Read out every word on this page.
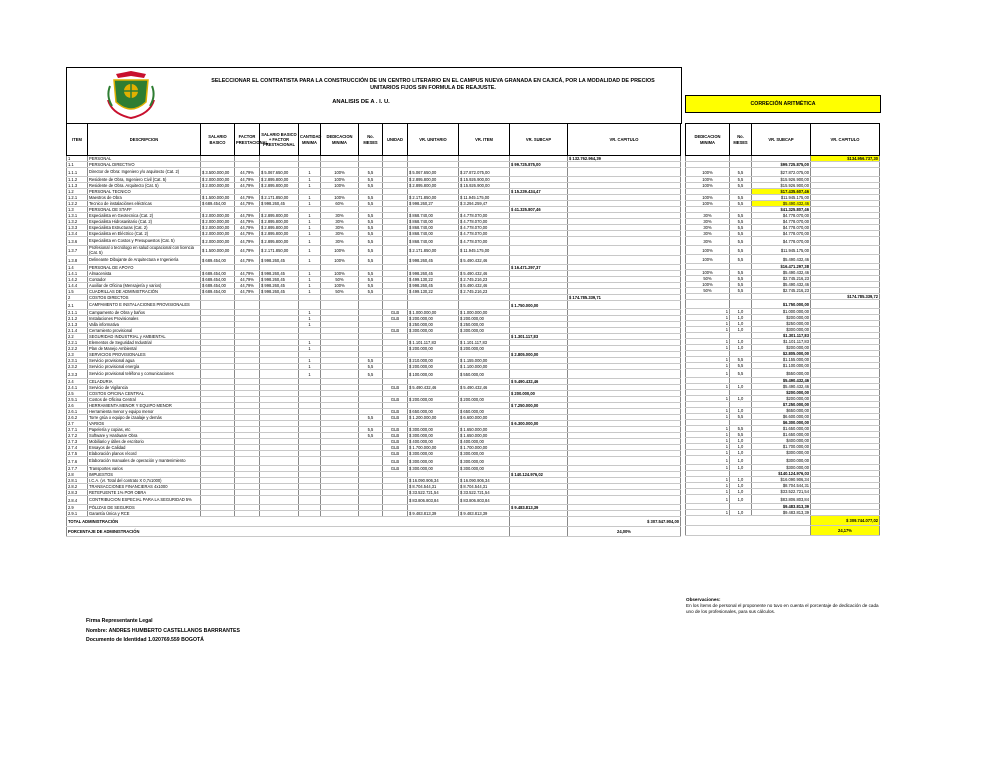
SELECCIONAR EL CONTRATISTA PARA LA CONSTRUCCIÓN DE UN CENTRO LITERARIO EN EL CAMPUS NUEVA GRANADA EN CAJICÁ, POR LA MODALIDAD DE PRECIOS UNITARIOS FIJOS SIN FORMULA DE REAJUSTE.
ANALISIS DE A . I. U.	CORRECIÓN ARITMÉTICA
ITEM	DESCRIPCION	SALARIO BASICO	FACTOR PRESTACIONAL	SALARIO BASICO + FACTOR PRESTACIONAL	CANTIDAD MINIMA	DEDICACION MINIMA	No. MESES	UNIDAD	VR. UNITARIO	VR. ITEM	VR. SUBCAP	VR. CAPITULO
1	PERSONAL											$ 132.762.964,39
1.1	PERSONAL DIRECTIVO										$ 99.725.875,00	
1.1.1	Director de Obra: Ingeniero y/o arquitecto (Cat. 2)	$ 3.500.000,00	44,79%	$ 5.067.650,00	1	100%	5,5		$ 5.067.650,00	$ 27.872.075,00		
1.1.2	Residente de Obra, Ingeniero Civil (Cat. 5)	$ 2.000.000,00	44,79%	$ 2.895.800,00	1	100%	5,5		$ 2.895.800,00	$ 15.926.900,00		
1.1.3	Residente de Obra. Arquitecto (Cat. 5)	$ 2.000.000,00	44,79%	$ 2.895.800,00	1	100%	5,5		$ 2.895.800,00	$ 15.926.900,00		
1.2	PERSONAL TECNICO										$ 15.239.434,47	
1.2.1	Maestros de Obra	$ 1.500.000,00	44,79%	$ 2.171.850,00	1	100%	5,5		$ 2.171.850,00	$ 11.945.175,00		
1.2.2	Tecnico de instalaciónes eléctricas	$ 689.454,00	44,79%	$ 998.260,45	1	60%	5,5		$ 998.260,27	$ 3.294.259,47		
1.3	PERSONAL DE STAFF										$ 41.325.807,46	
1.3.1	Especialista en Geotecnica (Cat. 2)	$ 2.000.000,00	44,79%	$ 2.895.800,00	1	30%	5,5		$ 868.740,00	$ 4.778.070,00		
1.3.2	Especialista Hidrosanitario (Cat. 2)	$ 2.000.000,00	44,79%	$ 2.895.800,00	1	30%	5,5		$ 868.740,00	$ 4.778.070,00		
1.3.3	Especialista Estructuras (Cat. 2)	$ 2.000.000,00	44,79%	$ 2.895.800,00	1	30%	5,5		$ 868.740,00	$ 4.778.070,00		
1.3.4	Especialista en Eléctrico (Cat. 2)	$ 2.000.000,00	44,79%	$ 2.895.800,00	1	30%	5,5		$ 868.740,00	$ 4.778.070,00		
1.3.6	Especialista en Costos y Presupuestos (Cat. 5)	$ 2.000.000,00	44,79%	$ 2.895.800,00	1	30%	5,5		$ 868.740,00	$ 4.778.070,00		
1.3.7	Profesional o tecnólogo en salud ocupacional con licencia (Cat. 5)	$ 1.500.000,00	44,79%	$ 2.171.850,00	1	100%	5,5		$ 2.171.850,00	$ 11.945.175,00		
1.3.8	Delineante Dibujante de Arquitectura e Ingeniería	$ 689.454,00	44,79%	$ 998.260,45	1	100%	5,5		$ 998.260,45	$ 5.490.432,46		
1.4	PERSONAL DE APOYO										$ 16.471.297,37	
1.4.1	Almacenista	$ 689.454,00	44,79%	$ 998.260,45	1	100%	5,5		$ 998.260,45	$ 5.490.432,46		
1.4.2	Contador	$ 689.454,00	44,79%	$ 998.260,45	1	50%	5,5		$ 499.130,22	$ 2.745.216,23		
1.4.4	Auxiliar de Oficina (Mensajería y varios)	$ 689.454,00	44,79%	$ 998.260,45	1	100%	5,5		$ 998.260,45	$ 5.490.432,46		
1.5	CUADRILLAS DE ADMINISTRACIÓN	$ 689.454,00	44,79%	$ 998.260,45	1	50%	5,5		$ 499.130,22	$ 2.745.216,23		
2	COSTOS DIRECTOS											$ 174.785.339,71
2.1	CAMPAMENTO E INSTALACIONES PROVISIONALES										$ 1.750.000,00	
2.1.1	Campamento de Obra y baños				1			GLB	$ 1.000.000,00	$ 1.000.000,00		
2.1.2	Instalaciones Provisionales				1			GLB	$ 200.000,00	$ 200.000,00		
2.1.3	Valla informativa				1				$ 250.000,00	$ 250.000,00		
2.1.4	Cerramiento provisional							GLB	$ 300.000,00	$ 300.000,00		
2.2	SEGURIDAD INDUSTRIAL y AMBIENTAL										$ 1.301.117,83	
2.2.1	Elementos de Seguridad Industrial				1				$ 1.101.117,83	$ 1.101.117,83		
2.2.2	Plan de Manejo Ambiental				1				$ 200.000,00	$ 200.000,00		
2.3	SERVICIOS PROVISIONALES										$ 2.805.000,00	
2.3.1	Servicio provisional agua				1		5,5		$ 210.000,00	$ 1.155.000,00		
2.3.2	Servicio provisional energía				1		5,5		$ 200.000,00	$ 1.100.000,00		
2.3.3	Servicio provisional teléfono y comunicaciones				1		5,5		$ 100.000,00	$ 550.000,00		
2.4	CELADURIA										$ 5.490.432,46	
2.4.1	Servicio de Vigilancia							GLB	$ 5.490.432,46	$ 5.490.432,46		
2.5	COSTOS OFICINA CENTRAL										$ 200.000,00	
2.5.1	Costos de Oficina Central							GLB	$ 200.000,00	$ 200.000,00		
2.6	HERRAMIENTA MENOR Y EQUIPO MENOR										$ 7.250.000,00	
2.6.1	Herramienta menor y equipo menor							GLB	$ 650.000,00	$ 650.000,00		
2.6.2	Torre grúa o equipo de izaalaje y demás						5,5	GLB	$ 1.200.000,00	$ 6.600.000,00		
2.7	VARIOS										$ 6.300.000,00	
2.7.1	Papelería y copias, etc						5,5	GLB	$ 300.000,00	$ 1.650.000,00		
2.7.2	Software y Hardware Obra						5,5	GLB	$ 300.000,00	$ 1.650.000,00		
2.7.3	Mobiliario y útiles de escritorio							GLB	$ 400.000,00	$ 400.000,00		
2.7.4	Ensayos de Calidad							GLB	$ 1.700.000,00	$ 1.700.000,00		
2.7.5	Elaboración planos récord							GLB	$ 300.000,00	$ 300.000,00		
2.7.6	Elaboración manuales de operación y mantenimiento							GLB	$ 300.000,00	$ 300.000,00		
2.7.7	Transportes varios							GLB	$ 300.000,00	$ 300.000,00		
2.8	IMPUESTOS										$ 140.124.976,02	
2.8.1	I.C.A. (vr. Total del contrato X 0,7x1000)								$ 16.090.906,34	$ 16.090.906,34		
2.8.2	TRANSACCIONES FINANCIERAS 4x1000								$ 8.704.544,31	$ 8.704.544,31		
2.8.3	RETEFUENTE 1% POR OBRA								$ 33.522.721,54	$ 33.522.721,54		
2.8.4	CONTRIBUCION ESPECIAL PARA LA SEGURIDAD 5%								$ 83.806.803,84	$ 83.806.803,84		
2.9	PÓLIZAS DE SEGUROS										$ 9.483.813,39	
2.9.1	Garantía Única y RCE								$ 9.483.813,39	$ 9.483.813,39		
TOTAL ADMINISTRACIÓN												$ 307.547.904,00
PORCENTAJE DE ADMINISTRACIÓN												24,00%
DEDICACION MINIMA	No. MESES	VR. SUBCAP	VR. CAPITULO
			$134.956.737,30
		$99.725.875,00	
100%	5,5	$27.872.075,00	
100%	5,5	$15.926.900,00	
100%	5,5	$15.926.900,00	
		$17.435.607,46	
100%	5,5	$11.945.175,00	
100%	5,5	$5.490.432,46	
		$41.325.807,46	
30%	5,5	$4.778.070,00	
30%	5,5	$4.778.070,00	
30%	5,5	$4.778.070,00	
30%	5,5	$4.778.070,00	
30%	5,5	$4.778.070,00	
100%	5,5	$11.945.175,00	
100%	5,5	$5.490.432,46	
		$16.471.297,38	
100%	5,5	$5.490.432,46	
50%	5,5	$2.745.216,23	
100%	5,5	$5.490.432,46	
50%	5,5	$2.745.216,23	
			$174.785.339,72
		$1.750.000,00	
1	1,0	$1.000.000,00	
1	1,0	$200.000,00	
1	1,0	$250.000,00	
1	1,0	$300.000,00	
		$1.301.117,83	
1	1,0	$1.101.117,83	
1	1,0	$200.000,00	
		$2.805.000,00	
1	5,5	$1.155.000,00	
1	5,5	$1.100.000,00	
1	5,5	$550.000,00	
		$5.490.432,46	
1	1,0	$5.490.432,46	
		$200.000,00	
1	1,0	$200.000,00	
		$7.250.000,00	
1	1,0	$650.000,00	
1	5,5	$6.600.000,00	
		$6.300.000,00	
1	5,5	$1.650.000,00	
1	5,5	$1.650.000,00	
1	1,0	$400.000,00	
1	1,0	$1.700.000,00	
1	1,0	$300.000,00	
1	1,0	$300.000,00	
1	1,0	$300.000,00	
		$140.124.976,03	
1	1,0	$16.090.906,34	
1	1,0	$8.704.544,31	
1	1,0	$33.522.721,54	
1	1,0	$83.806.803,84	
		$9.483.813,39	
1	1,0	$9.483.813,39	
			$ 309.744.077,02
			24,17%
Observaciones:
En los ítems de personal el proponente no tuvo en cuenta el porcentaje de dedicación de cada uno de los profesionales, para sus cálculos.
Firma Representante Legal
Nombre: ANDRES HUMBERTO CASTELLANOS BARRRANTES
Documento de Identidad 1.020769.559 BOGOTÁ
